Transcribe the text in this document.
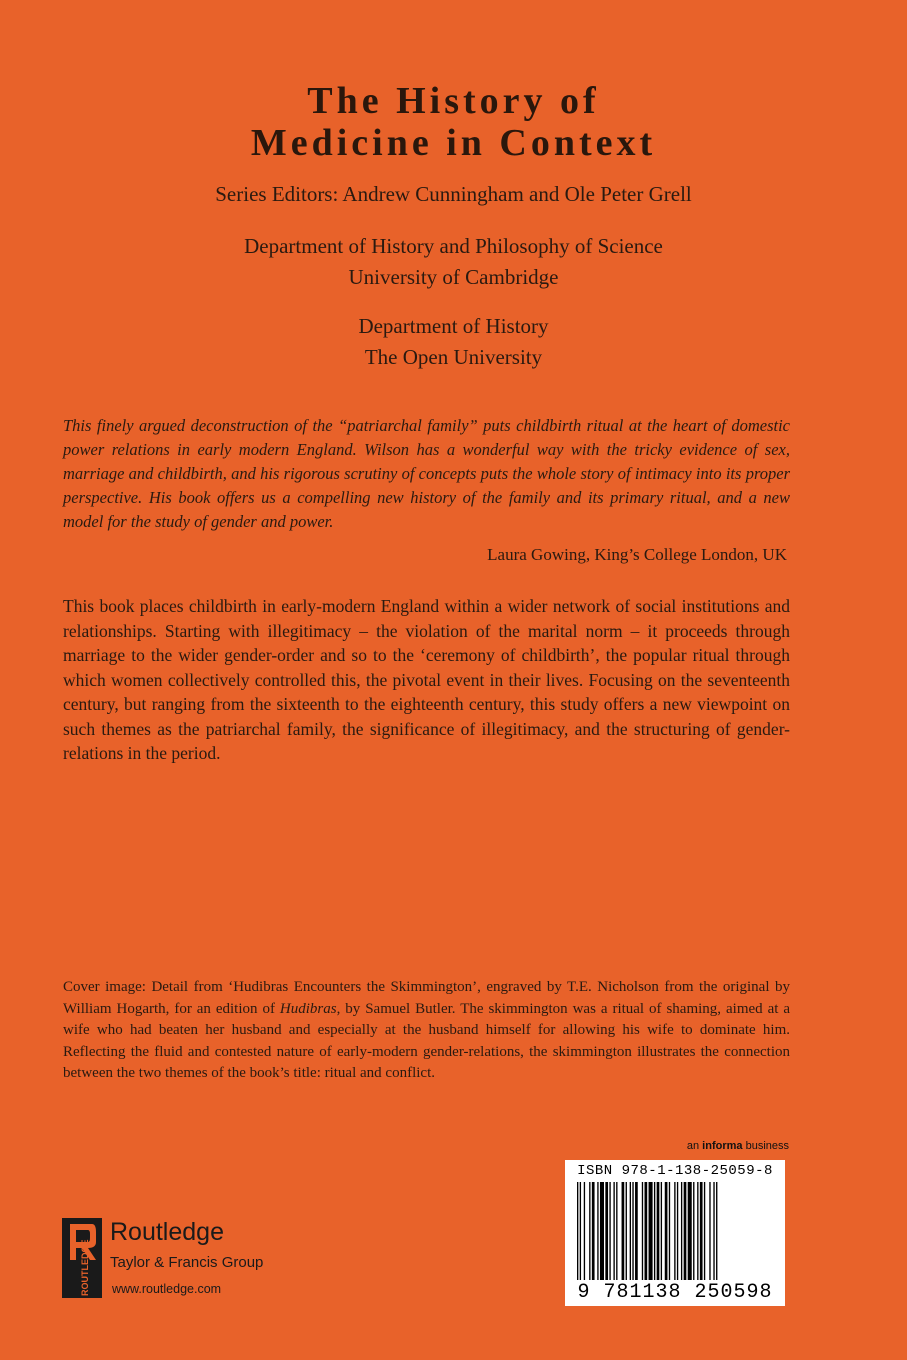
The History of
Medicine in Context
Series Editors: Andrew Cunningham and Ole Peter Grell
Department of History and Philosophy of Science
University of Cambridge
Department of History
The Open University
This finely argued deconstruction of the “patriarchal family” puts childbirth ritual at the heart of domestic power relations in early modern England. Wilson has a wonderful way with the tricky evidence of sex, marriage and childbirth, and his rigorous scrutiny of concepts puts the whole story of intimacy into its proper perspective. His book offers us a compelling new history of the family and its primary ritual, and a new model for the study of gender and power.
Laura Gowing, King’s College London, UK
This book places childbirth in early-modern England within a wider network of social institutions and relationships. Starting with illegitimacy – the violation of the marital norm – it proceeds through marriage to the wider gender-order and so to the ‘ceremony of childbirth’, the popular ritual through which women collectively controlled this, the pivotal event in their lives. Focusing on the seventeenth century, but ranging from the sixteenth to the eighteenth century, this study offers a new viewpoint on such themes as the patriarchal family, the significance of illegitimacy, and the structuring of gender-relations in the period.
Cover image: Detail from ‘Hudibras Encounters the Skimmington’, engraved by T.E. Nicholson from the original by William Hogarth, for an edition of Hudibras, by Samuel Butler. The skimmington was a ritual of shaming, aimed at a wife who had beaten her husband and especially at the husband himself for allowing his wife to dominate him. Reflecting the fluid and contested nature of early-modern gender-relations, the skimmington illustrates the connection between the two themes of the book’s title: ritual and conflict.
an informa business
ISBN 978-1-138-25059-8
9 781138 250598
ROUTLEDGE
Routledge
Taylor & Francis Group
www.routledge.com
